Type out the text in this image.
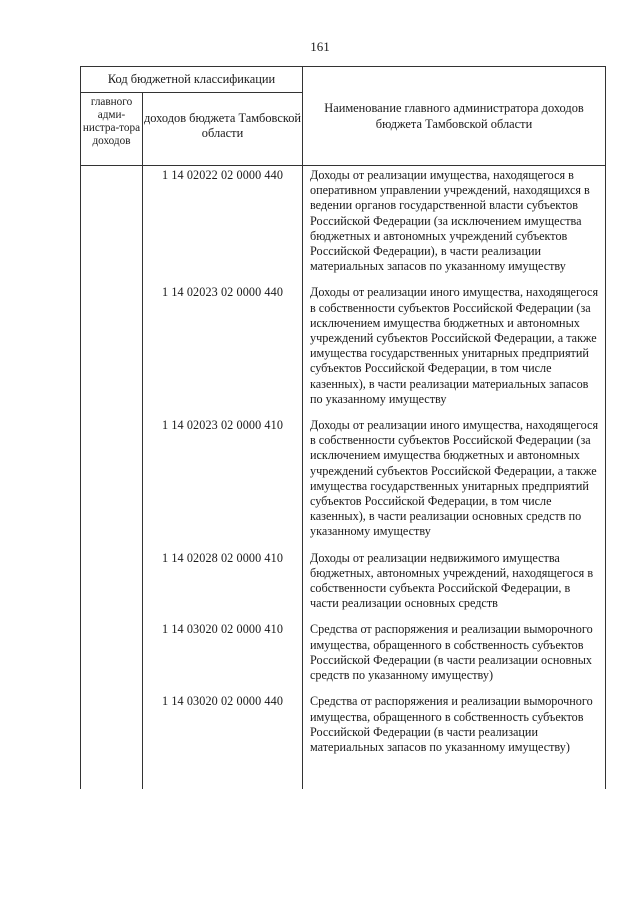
161
Код бюджетной классификации		Наименование главного администратора доходов бюджета Тамбовской области
главного адми-нистра-тора доходов	доходов бюджета Тамбовской области	
	1 14 02022 02 0000 440	Доходы от реализации имущества, находящегося в оперативном управлении учреждений, находящихся в ведении органов государственной власти субъектов Российской Федерации (за исключением имущества бюджетных и автономных учреждений субъектов Российской Федерации), в части реализации материальных запасов по указанному имуществу
	1 14 02023 02 0000 440	Доходы от реализации иного имущества, находящегося в собственности субъектов Российской Федерации (за исключением имущества бюджетных и автономных учреждений субъектов Российской Федерации, а также имущества государственных унитарных предприятий субъектов Российской Федерации, в том числе казенных), в части реализации материальных запасов по указанному имуществу
	1 14 02023 02 0000 410	Доходы от реализации иного имущества, находящегося в собственности субъектов Российской Федерации (за исключением имущества бюджетных и автономных учреждений субъектов Российской Федерации, а также имущества государственных унитарных предприятий субъектов Российской Федерации, в том числе казенных), в части реализации основных средств по указанному имуществу
	1 14 02028 02 0000 410	Доходы от реализации недвижимого имущества бюджетных, автономных учреждений, находящегося в собственности субъекта Российской Федерации, в части реализации основных средств
	1 14 03020 02 0000 410	Средства от распоряжения и реализации выморочного имущества, обращенного в собственность субъектов Российской Федерации (в части реализации основных средств по указанному имуществу)
	1 14 03020 02 0000 440	Средства от распоряжения и реализации выморочного имущества, обращенного в собственность субъектов Российской Федерации (в части реализации материальных запасов по указанному имуществу)
